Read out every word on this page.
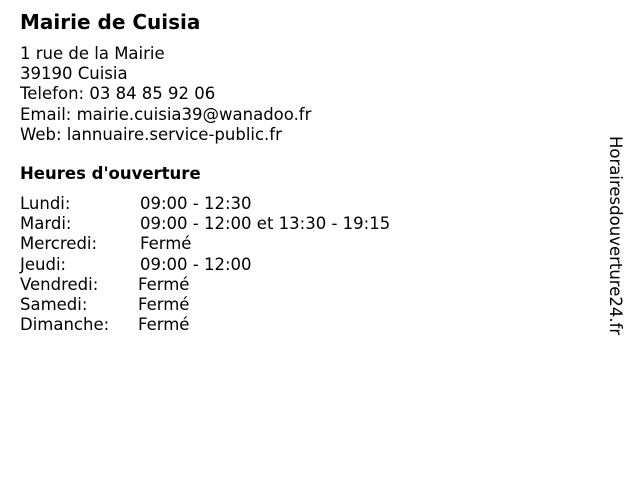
Mairie de Cuisia
1 rue de la Mairie
39190 Cuisia
Telefon: 03 84 85 92 06
Email: mairie.cuisia39@wanadoo.fr
Web: lannuaire.service-public.fr
Heures d'ouverture
Lundi:	09:00 - 12:30
Mardi:	09:00 - 12:00 et 13:30 - 19:15
Mercredi:	Fermé
Jeudi:	09:00 - 12:00
Vendredi: Fermé
Samedi:	Fermé
Dimanche: Fermé	Horairesdouverture24.fr
